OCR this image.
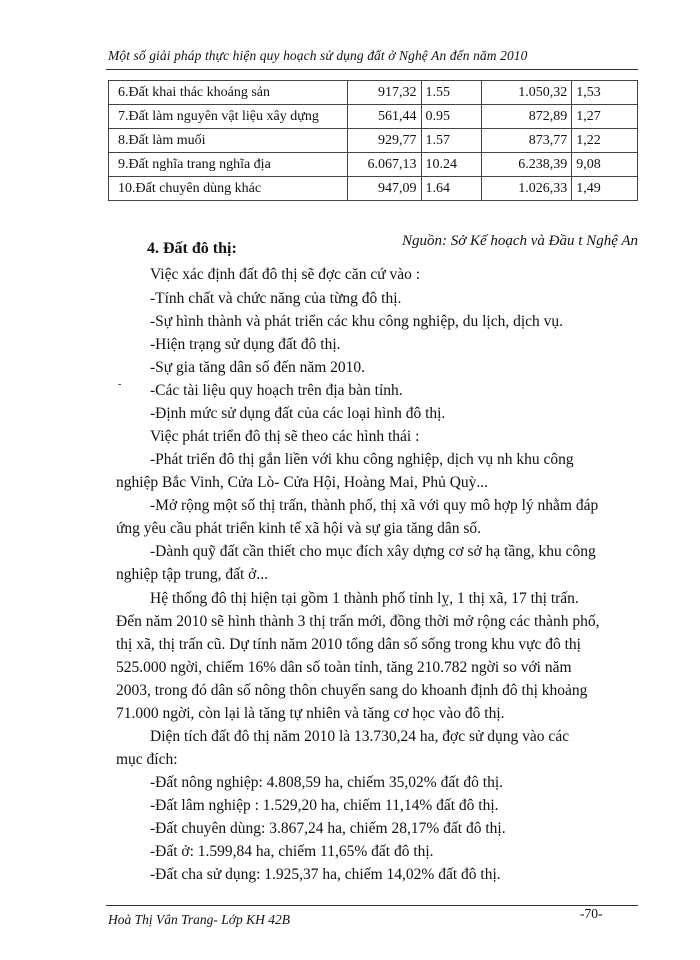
Một số giải pháp thực hiện quy hoạch sử dụng đất ở Nghệ An đến năm 2010
6.Đất khai thác khoáng sản	917,32	1.55	1.050,32	1,53
7.Đất làm nguyên vật liệu xây dựng	561,44	0.95	872,89	1,27
8.Đất làm muối	929,77	1.57	873,77	1,22
9.Đất nghĩa trang nghĩa địa	6.067,13	10.24	6.238,39	9,08
10.Đất chuyên dùng khác	947,09	1.64	1.026,33	1,49
Nguồn: Sở Kế hoạch và Đầu t Nghệ An
4. Đất đô thị:
Việc xác định đất đô thị sẽ đợc căn cứ vào :
-Tính chất và chức năng của từng đô thị.
-Sự hình thành và phát triển các khu công nghiệp, du lịch, dịch vụ.
-Hiện trạng sử dụng đất đô thị.
-Sự gia tăng dân số đến năm 2010.
-Các tài liệu quy hoạch trên địa bàn tỉnh.
-Định mức sử dụng đất của các loại hình đô thị.
Việc phát triển đô thị sẽ theo các hình thái :
-Phát triển đô thị gắn liền với khu công nghiệp, dịch vụ nh khu công
nghiệp Bắc Vinh, Cửa Lò- Cửa Hội, Hoàng Mai, Phủ Quỳ...
-Mở rộng một số thị trấn, thành phố, thị xã với quy mô hợp lý nhằm đáp
ứng yêu cầu phát triển kinh tế xã hội và sự gia tăng dân số.
-Dành quỹ đất cần thiết cho mục đích xây dựng cơ sở hạ tầng, khu công
nghiệp tập trung, đất ở...
Hệ thống đô thị hiện tại gồm 1 thành phố tỉnh lỵ, 1 thị xã, 17 thị trấn.
Đến năm 2010 sẽ hình thành 3 thị trấn mới, đồng thời mở rộng các thành phố,
thị xã, thị trấn cũ. Dự tính năm 2010 tổng dân số sống trong khu vực đô thị
525.000 ngời, chiếm 16% dân số toàn tỉnh, tăng 210.782 ngời so với năm
2003, trong đó dân số nông thôn chuyển sang do khoanh định đô thị khoảng
71.000 ngời, còn lại là tăng tự nhiên và tăng cơ học vào đô thị.
Diện tích đất đô thị năm 2010 là 13.730,24 ha, đợc sử dụng vào các
mục đích:
-Đất nông nghiệp: 4.808,59 ha, chiếm 35,02% đất đô thị.
-Đất lâm nghiệp : 1.529,20 ha, chiếm 11,14% đất đô thị.
-Đất chuyên dùng: 3.867,24 ha, chiếm 28,17% đất đô thị.
-Đất ở: 1.599,84 ha, chiếm 11,65% đất đô thị.
-Đất cha sử dụng: 1.925,37 ha, chiếm 14,02% đất đô thị.
-
Hoà Thị Vân Trang- Lớp KH 42B	-70-
